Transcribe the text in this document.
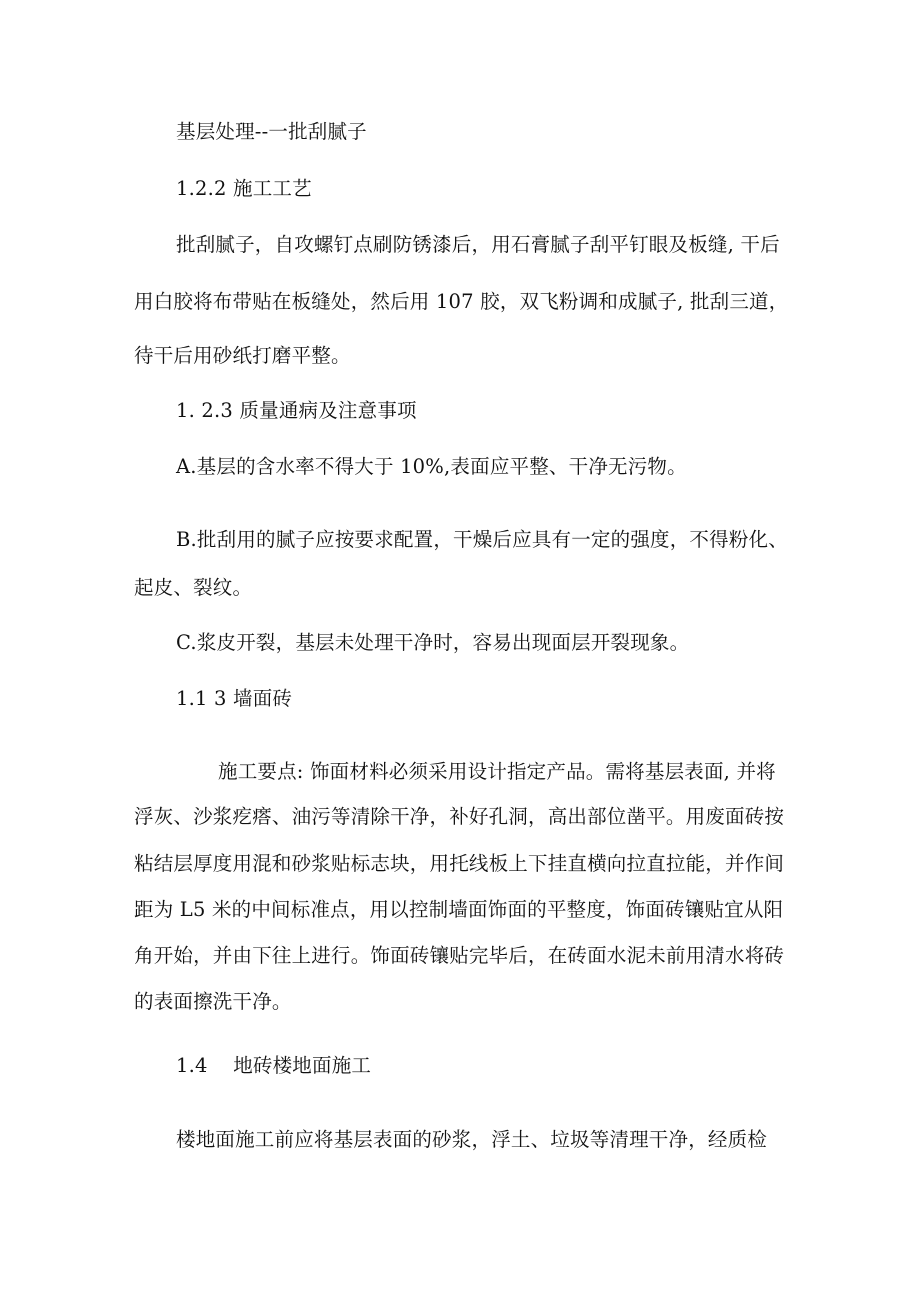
基层处理--一批刮腻子
1.2.2 施工工艺
批刮腻子，自攻螺钉点刷防锈漆后，用石膏腻子刮平钉眼及板缝, 干后
用白胶将布带贴在板缝处，然后用 107 胶，双飞粉调和成腻子, 批刮三道，
待干后用砂纸打磨平整。
1. 2.3 质量通病及注意事项
A.基层的含水率不得大于 10%,表面应平整、干净无污物。
B.批刮用的腻子应按要求配置，干燥后应具有一定的强度，不得粉化、
起皮、裂纹。
C.浆皮开裂，基层未处理干净时，容易出现面层开裂现象。
1.1 3 墙面砖
施工要点: 饰面材料必须采用设计指定产品。需将基层表面, 并将
浮灰、沙浆疙瘩、油污等清除干净，补好孔洞，高出部位凿平。用废面砖按
粘结层厚度用混和砂浆贴标志块，用托线板上下挂直横向拉直拉能，并作间
距为 L5 米的中间标准点，用以控制墙面饰面的平整度，饰面砖镶贴宜从阳
角开始，并由下往上进行。饰面砖镶贴完毕后，在砖面水泥未前用清水将砖
的表面擦洗干净。
1.4    地砖楼地面施工
楼地面施工前应将基层表面的砂浆，浮土、垃圾等清理干净，经质检
